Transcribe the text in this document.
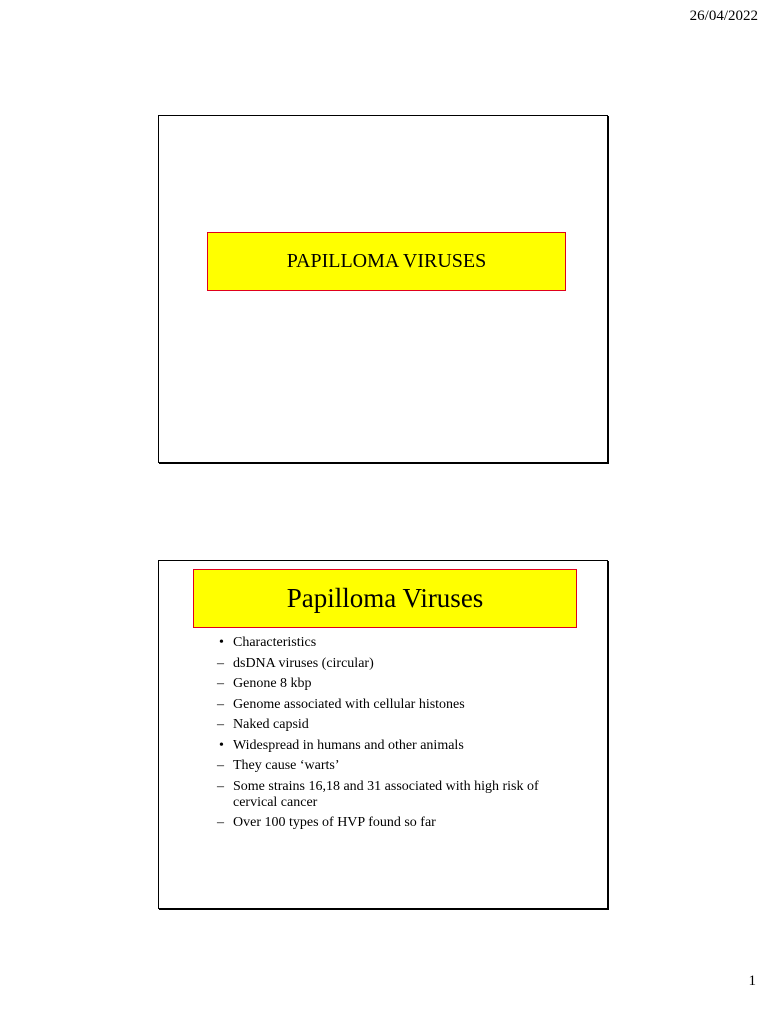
26/04/2022
PAPILLOMA VIRUSES
Papilloma Viruses
• Characteristics
– dsDNA viruses (circular)
– Genone 8 kbp
– Genome associated with cellular histones
– Naked capsid
• Widespread in humans and other animals
– They cause ‘warts’
– Some strains 16,18 and 31 associated with high risk of cervical cancer
– Over 100 types of HVP found so far
1
